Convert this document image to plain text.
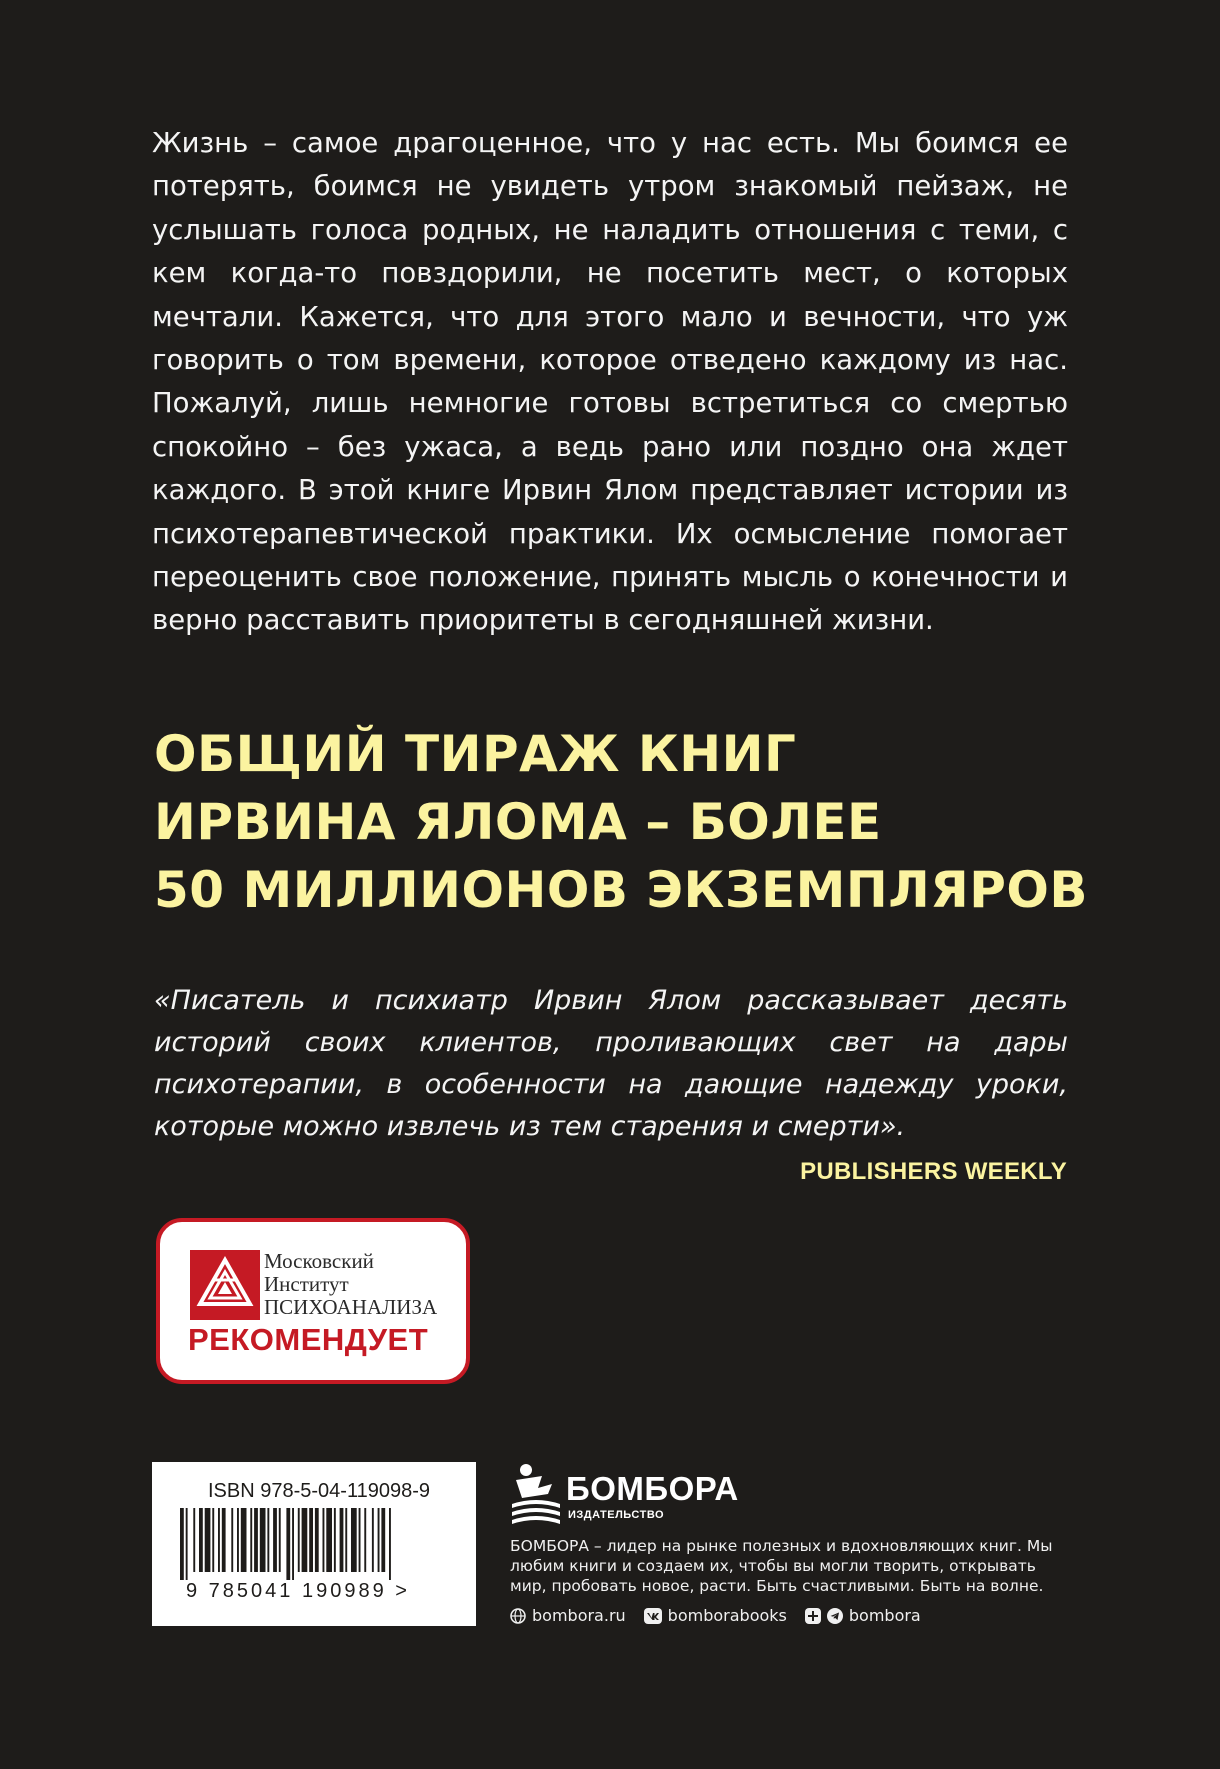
Жизнь – самое драгоценное, что у нас есть. Мы боимся ее потерять, боимся не увидеть утром знакомый пейзаж, не услышать голоса родных, не наладить отношения с теми, с кем когда-то повздорили, не посетить мест, о которых мечтали. Кажется, что для этого мало и вечности, что уж говорить о том времени, которое отведено каждому из нас. Пожалуй, лишь немногие готовы встретиться со смертью спокойно – без ужаса, а ведь рано или поздно она ждет каждого. В этой книге Ирвин Ялом представляет истории из психотерапевтической практики. Их осмысление помогает переоценить свое положение, принять мысль о конечности и верно расставить приоритеты в сегодняшней жизни.
ОБЩИЙ ТИРАЖ КНИГ
ИРВИНА ЯЛОМА – БОЛЕЕ
50 МИЛЛИОНОВ ЭКЗЕМПЛЯРОВ
«Писатель и психиатр Ирвин Ялом рассказывает десять историй своих клиентов, проливающих свет на дары психотерапии, в особенности на дающие надежду уроки, которые можно извлечь из тем старения и смерти».
PUBLISHERS WEEKLY
Московский
Институт
ПСИХОАНАЛИЗА
РЕКОМЕНДУЕТ
ISBN 978-5-04-119098-9
9 785041 190989 >
БОМБОРА
ИЗДАТЕЛЬСТВО
БОМБОРА – лидер на рынке полезных и вдохновляющих книг. Мы любим книги и создаем их, чтобы вы могли творить, открывать мир, пробовать новое, расти. Быть счастливыми. Быть на волне.
bombora.ru	bomborabooks	bombora
